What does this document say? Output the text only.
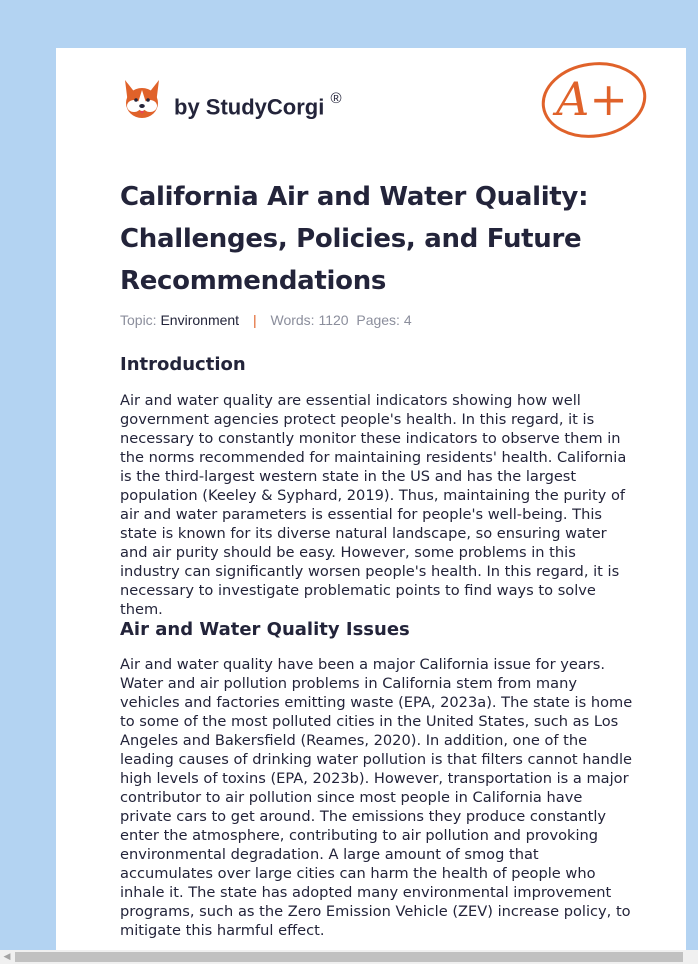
by StudyCorgi ®	A+
California Air and Water Quality: Challenges, Policies, and Future Recommendations
Topic: Environment | Words: 1120 Pages: 4
Introduction

Air and water quality are essential indicators showing how well government agencies protect people's health. In this regard, it is necessary to constantly monitor these indicators to observe them in the norms recommended for maintaining residents' health. California is the third-largest western state in the US and has the largest population (Keeley & Syphard, 2019). Thus, maintaining the purity of air and water parameters is essential for people's well-being. This state is known for its diverse natural landscape, so ensuring water and air purity should be easy. However, some problems in this industry can significantly worsen people's health. In this regard, it is necessary to investigate problematic points to find ways to solve them.

Air and Water Quality Issues

Air and water quality have been a major California issue for years. Water and air pollution problems in California stem from many vehicles and factories emitting waste (EPA, 2023a). The state is home to some of the most polluted cities in the United States, such as Los Angeles and Bakersfield (Reames, 2020). In addition, one of the leading causes of drinking water pollution is that filters cannot handle high levels of toxins (EPA, 2023b). However, transportation is a major contributor to air pollution since most people in California have private cars to get around. The emissions they produce constantly enter the atmosphere, contributing to air pollution and provoking environmental degradation. A large amount of smog that accumulates over large cities can harm the health of people who inhale it. The state has adopted many environmental improvement programs, such as the Zero Emission Vehicle (ZEV) increase policy, to mitigate this harmful effect.

◀
